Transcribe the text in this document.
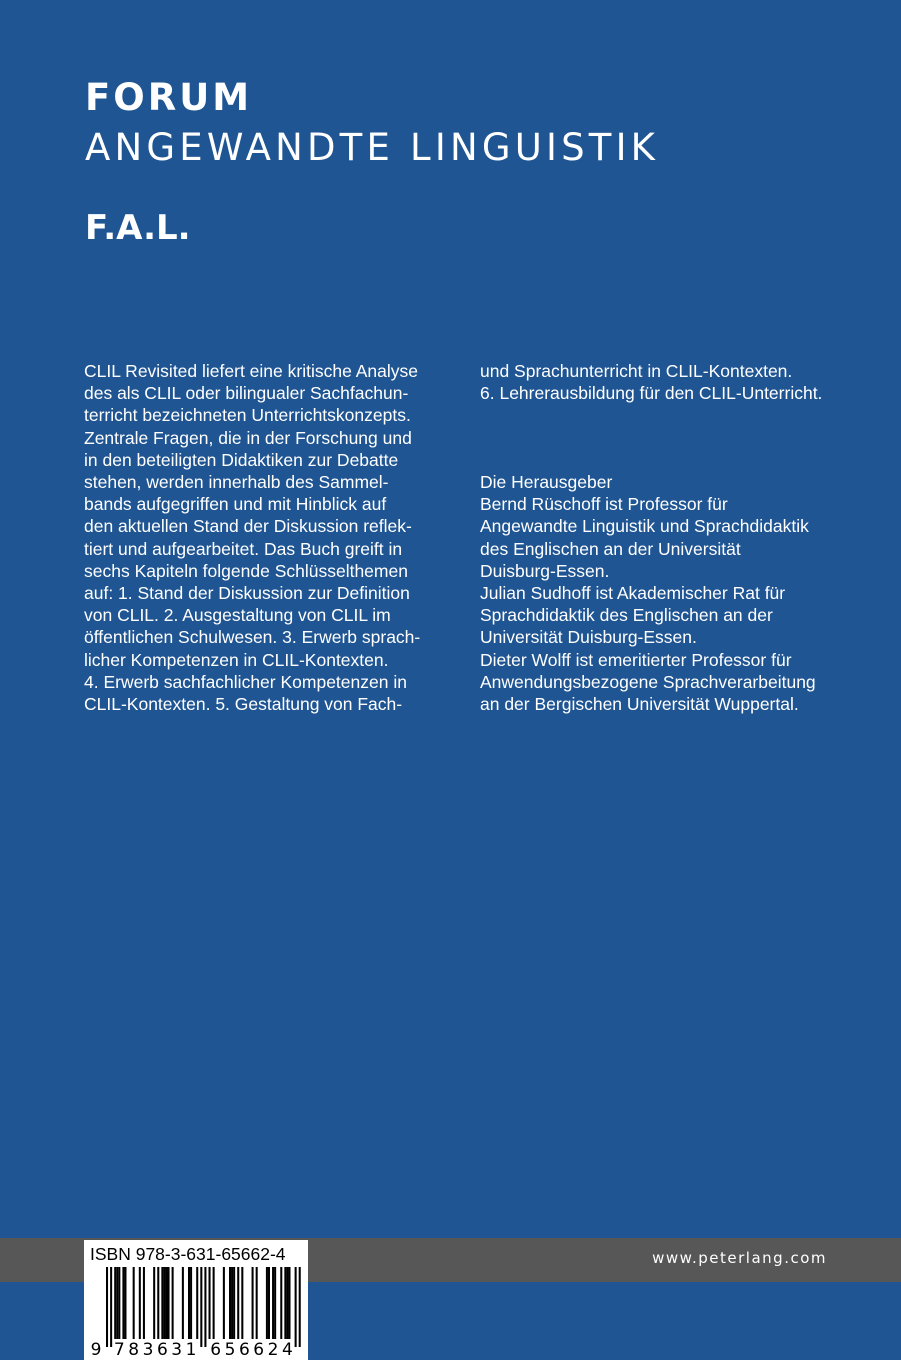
FORUM
ANGEWANDTE LINGUISTIK
F.A.L.
CLIL Revisited liefert eine kritische Analyse
des als CLIL oder bilingualer Sachfachun-
terricht bezeichneten Unterrichtskonzepts.
Zentrale Fragen, die in der Forschung und
in den beteiligten Didaktiken zur Debatte
stehen, werden innerhalb des Sammel-
bands aufgegriffen und mit Hinblick auf
den aktuellen Stand der Diskussion reflek-
tiert und aufgearbeitet. Das Buch greift in
sechs Kapiteln folgende Schlüsselthemen
auf: 1. Stand der Diskussion zur Definition
von CLIL. 2. Ausgestaltung von CLIL im
öffentlichen Schulwesen. 3. Erwerb sprach-
licher Kompetenzen in CLIL-Kontexten.
4. Erwerb sachfachlicher Kompetenzen in
CLIL-Kontexten. 5. Gestaltung von Fach-
und Sprachunterricht in CLIL-Kontexten.
6. Lehrerausbildung für den CLIL-Unterricht.
Die Herausgeber
Bernd Rüschoff ist Professor für
Angewandte Linguistik und Sprachdidaktik
des Englischen an der Universität
Duisburg-Essen.
Julian Sudhoff ist Akademischer Rat für
Sprachdidaktik des Englischen an der
Universität Duisburg-Essen.
Dieter Wolff ist emeritierter Professor für
Anwendungsbezogene Sprachverarbeitung
an der Bergischen Universität Wuppertal.
www.peterlang.com
ISBN 978-3-631-65662-4
9 7 8 3 6 3 1 6 5 6 6 2 4
